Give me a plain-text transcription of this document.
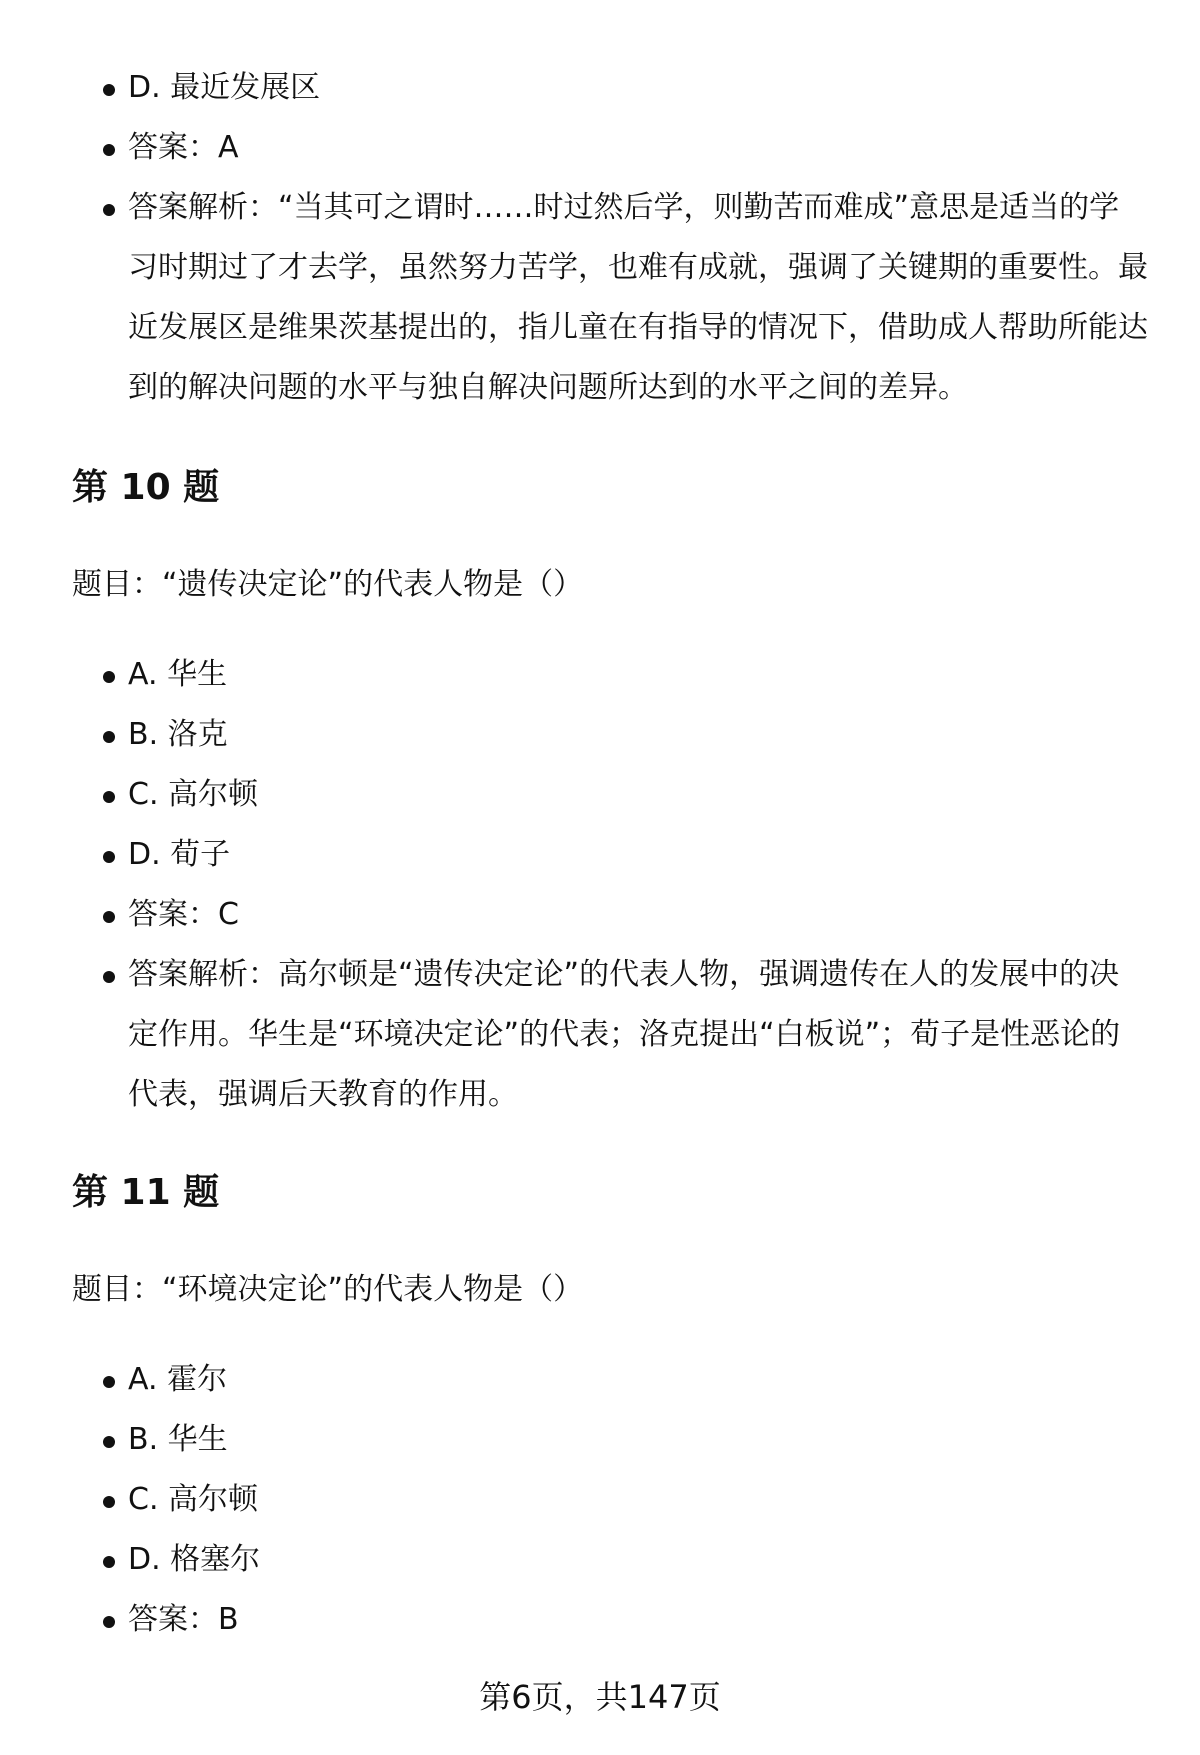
D. 最近发展区
答案：A
答案解析：“当其可之谓时……时过然后学，则勤苦而难成”意思是适当的学习时期过了才去学，虽然努力苦学，也难有成就，强调了关键期的重要性。最近发展区是维果茨基提出的，指儿童在有指导的情况下，借助成人帮助所能达到的解决问题的水平与独自解决问题所达到的水平之间的差异。
第 10 题

题目：“遗传决定论”的代表人物是（）

A. 华生
B. 洛克
C. 高尔顿
D. 荀子
答案：C
答案解析：高尔顿是“遗传决定论”的代表人物，强调遗传在人的发展中的决定作用。华生是“环境决定论”的代表；洛克提出“白板说”；荀子是性恶论的代表，强调后天教育的作用。
第 11 题

题目：“环境决定论”的代表人物是（）

A. 霍尔
B. 华生
C. 高尔顿
D. 格塞尔
答案：B
第6页，共147页
